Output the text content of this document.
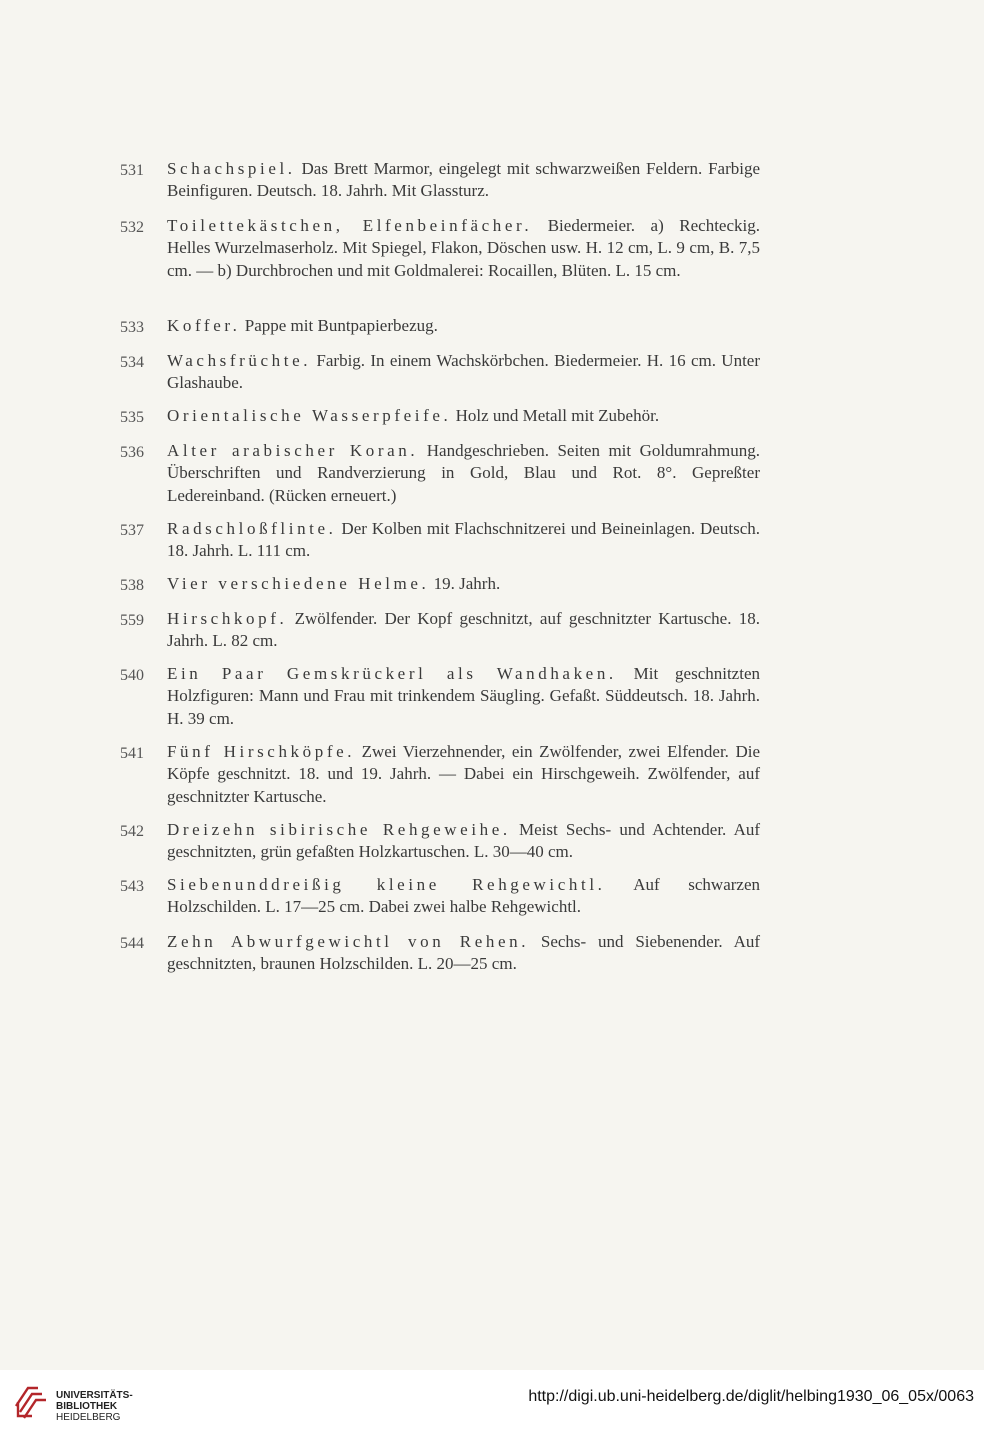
531	Schachspiel. Das Brett Marmor, eingelegt mit schwarzweißen Feldern. Farbige Beinfiguren. Deutsch. 18. Jahrh. Mit Glassturz.
532	Toilettekästchen, Elfenbeinfächer. Biedermeier. a) Rechteckig. Helles Wurzelmaserholz. Mit Spiegel, Flakon, Döschen usw. H. 12 cm, L. 9 cm, B. 7,5 cm. — b) Durchbrochen und mit Goldmalerei: Rocaillen, Blüten. L. 15 cm.
533	Koffer. Pappe mit Buntpapierbezug.
534	Wachsfrüchte. Farbig. In einem Wachskörbchen. Biedermeier. H. 16 cm. Unter Glashaube.
535	Orientalische Wasserpfeife. Holz und Metall mit Zubehör.
536	Alter arabischer Koran. Handgeschrieben. Seiten mit Goldumrahmung. Überschriften und Randverzierung in Gold, Blau und Rot. 8°. Gepreßter Ledereinband. (Rücken erneuert.)
537	Radschloßflinte. Der Kolben mit Flachschnitzerei und Beineinlagen. Deutsch. 18. Jahrh. L. 111 cm.
538	Vier verschiedene Helme. 19. Jahrh.
559	Hirschkopf. Zwölfender. Der Kopf geschnitzt, auf geschnitzter Kartusche. 18. Jahrh. L. 82 cm.
540	Ein Paar Gemskrückerl als Wandhaken. Mit geschnitzten Holzfiguren: Mann und Frau mit trinkendem Säugling. Gefaßt. Süddeutsch. 18. Jahrh. H. 39 cm.
541	Fünf Hirschköpfe. Zwei Vierzehnender, ein Zwölfender, zwei Elfender. Die Köpfe geschnitzt. 18. und 19. Jahrh. — Dabei ein Hirschgeweih. Zwölfender, auf geschnitzter Kartusche.
542	Dreizehn sibirische Rehgeweihe. Meist Sechs- und Achtender. Auf geschnitzten, grün gefaßten Holzkartuschen. L. 30—40 cm.
543	Siebenunddreißig kleine Rehgewichtl. Auf schwarzen Holzschilden. L. 17—25 cm. Dabei zwei halbe Rehgewichtl.
544	Zehn Abwurfgewichtl von Rehen. Sechs- und Siebenender. Auf geschnitzten, braunen Holzschilden. L. 20—25 cm.
UNIVERSITÄTS-
BIBLIOTHEK
HEIDELBERG
http://digi.ub.uni-heidelberg.de/diglit/helbing1930_06_05x/0063
